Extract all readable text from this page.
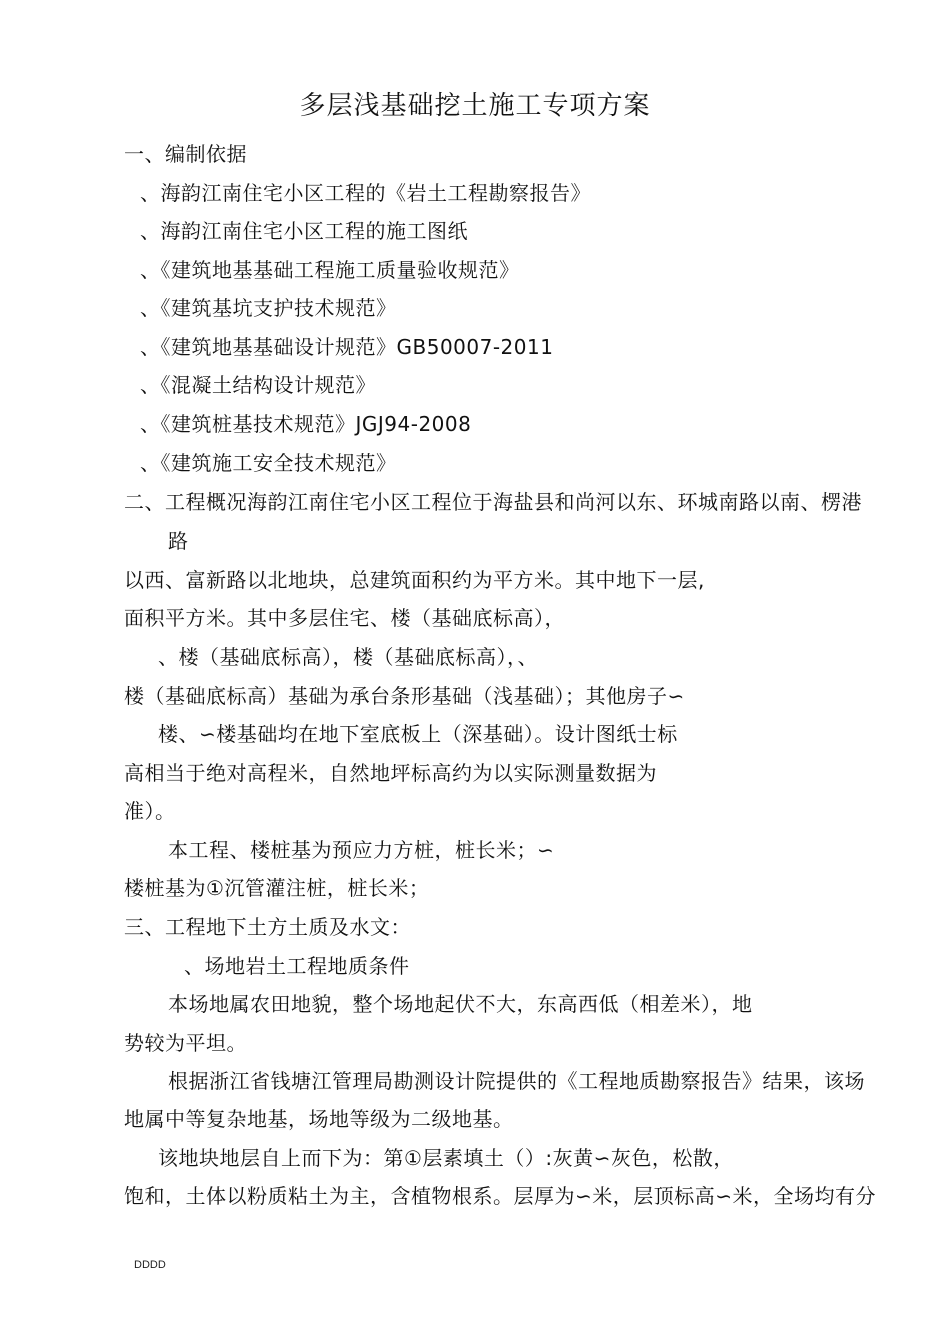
多层浅基础挖土施工专项方案
一、编制依据
、海韵江南住宅小区工程的《岩土工程勘察报告》
、海韵江南住宅小区工程的施工图纸
、《建筑地基基础工程施工质量验收规范》
、《建筑基坑支护技术规范》
、《建筑地基基础设计规范》GB50007-2011
、《混凝土结构设计规范》
、《建筑桩基技术规范》JGJ94-2008
、《建筑施工安全技术规范》
二、工程概况海韵江南住宅小区工程位于海盐县和尚河以东、环城南路以南、楞港
路
以西、富新路以北地块，总建筑面积约为平方米。其中地下一层,
面积平方米。其中多层住宅、楼（基础底标高），
、楼（基础底标高），楼（基础底标高），、
楼（基础底标高）基础为承台条形基础（浅基础）；其他房子∽
楼、∽楼基础均在地下室底板上（深基础）。设计图纸士标
高相当于绝对高程米，自然地坪标高约为以实际测量数据为
准）。
本工程、楼桩基为预应力方桩，桩长米；∽
楼桩基为①沉管灌注桩，桩长米；
三、工程地下土方土质及水文：
、场地岩土工程地质条件
本场地属农田地貌，整个场地起伏不大，东高西低（相差米），地
势较为平坦。
根据浙江省钱塘江管理局勘测设计院提供的《工程地质勘察报告》结果，该场
地属中等复杂地基，场地等级为二级地基。
该地块地层自上而下为：第①层素填土（）:灰黄∽灰色，松散，
饱和，土体以粉质粘土为主，含植物根系。层厚为∽米，层顶标高∽米，全场均有分
DDDD
